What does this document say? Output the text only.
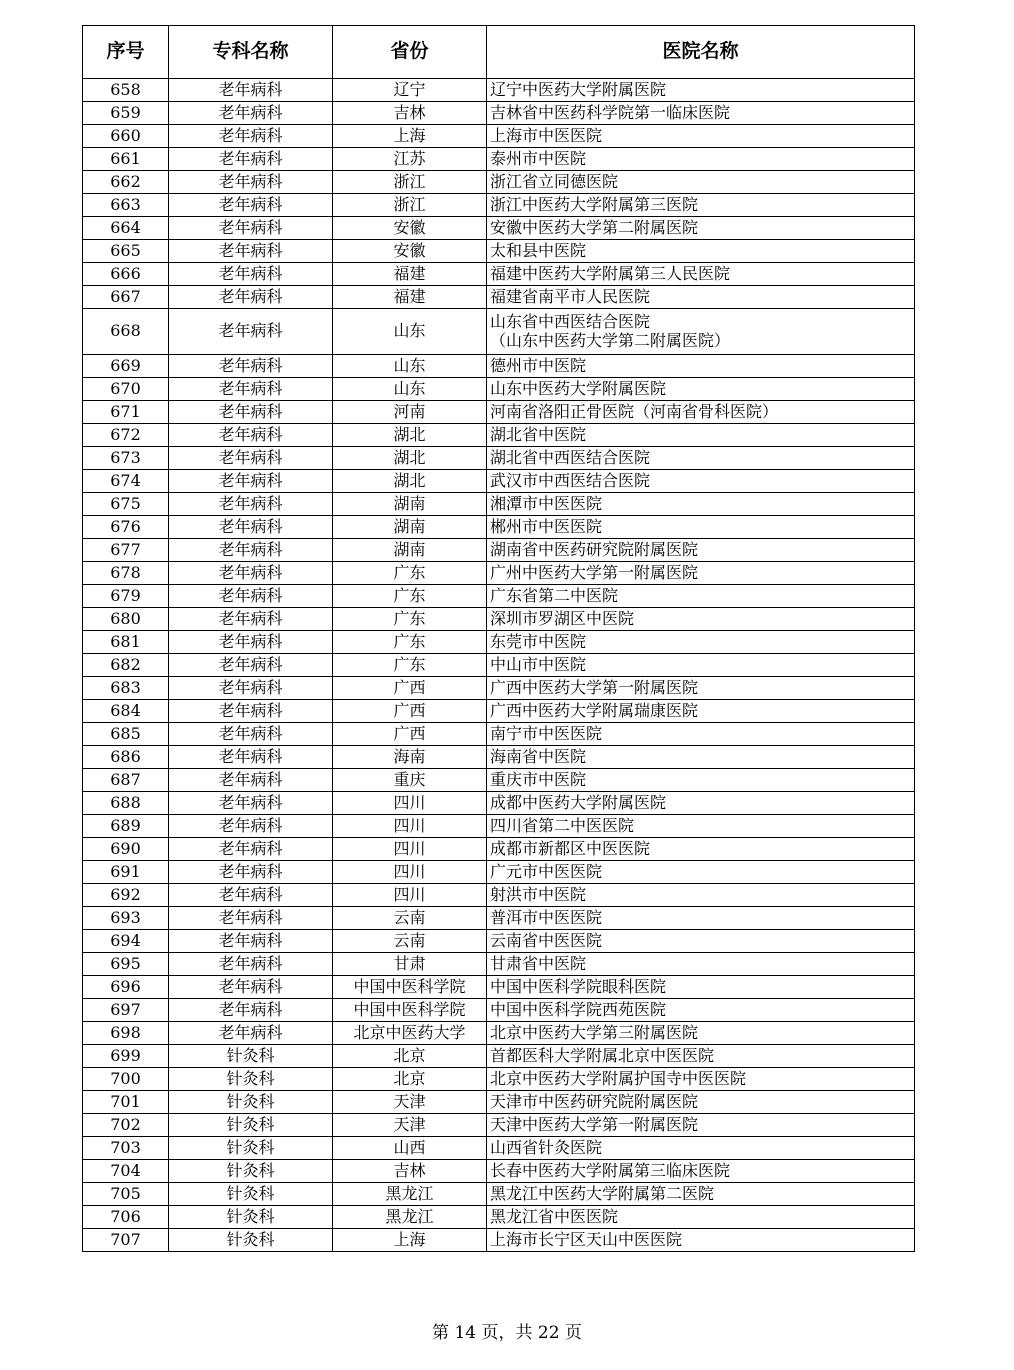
序号	专科名称	省份	医院名称
658	老年病科	辽宁	辽宁中医药大学附属医院
659	老年病科	吉林	吉林省中医药科学院第一临床医院
660	老年病科	上海	上海市中医医院
661	老年病科	江苏	泰州市中医院
662	老年病科	浙江	浙江省立同德医院
663	老年病科	浙江	浙江中医药大学附属第三医院
664	老年病科	安徽	安徽中医药大学第二附属医院
665	老年病科	安徽	太和县中医院
666	老年病科	福建	福建中医药大学附属第三人民医院
667	老年病科	福建	福建省南平市人民医院
668	老年病科	山东	山东省中西医结合医院
（山东中医药大学第二附属医院）
669	老年病科	山东	德州市中医院
670	老年病科	山东	山东中医药大学附属医院
671	老年病科	河南	河南省洛阳正骨医院（河南省骨科医院）
672	老年病科	湖北	湖北省中医院
673	老年病科	湖北	湖北省中西医结合医院
674	老年病科	湖北	武汉市中西医结合医院
675	老年病科	湖南	湘潭市中医医院
676	老年病科	湖南	郴州市中医医院
677	老年病科	湖南	湖南省中医药研究院附属医院
678	老年病科	广东	广州中医药大学第一附属医院
679	老年病科	广东	广东省第二中医院
680	老年病科	广东	深圳市罗湖区中医院
681	老年病科	广东	东莞市中医院
682	老年病科	广东	中山市中医院
683	老年病科	广西	广西中医药大学第一附属医院
684	老年病科	广西	广西中医药大学附属瑞康医院
685	老年病科	广西	南宁市中医医院
686	老年病科	海南	海南省中医院
687	老年病科	重庆	重庆市中医院
688	老年病科	四川	成都中医药大学附属医院
689	老年病科	四川	四川省第二中医医院
690	老年病科	四川	成都市新都区中医医院
691	老年病科	四川	广元市中医医院
692	老年病科	四川	射洪市中医院
693	老年病科	云南	普洱市中医医院
694	老年病科	云南	云南省中医医院
695	老年病科	甘肃	甘肃省中医院
696	老年病科	中国中医科学院	中国中医科学院眼科医院
697	老年病科	中国中医科学院	中国中医科学院西苑医院
698	老年病科	北京中医药大学	北京中医药大学第三附属医院
699	针灸科	北京	首都医科大学附属北京中医医院
700	针灸科	北京	北京中医药大学附属护国寺中医医院
701	针灸科	天津	天津市中医药研究院附属医院
702	针灸科	天津	天津中医药大学第一附属医院
703	针灸科	山西	山西省针灸医院
704	针灸科	吉林	长春中医药大学附属第三临床医院
705	针灸科	黑龙江	黑龙江中医药大学附属第二医院
706	针灸科	黑龙江	黑龙江省中医医院
707	针灸科	上海	上海市长宁区天山中医医院
第 14 页，共 22 页
